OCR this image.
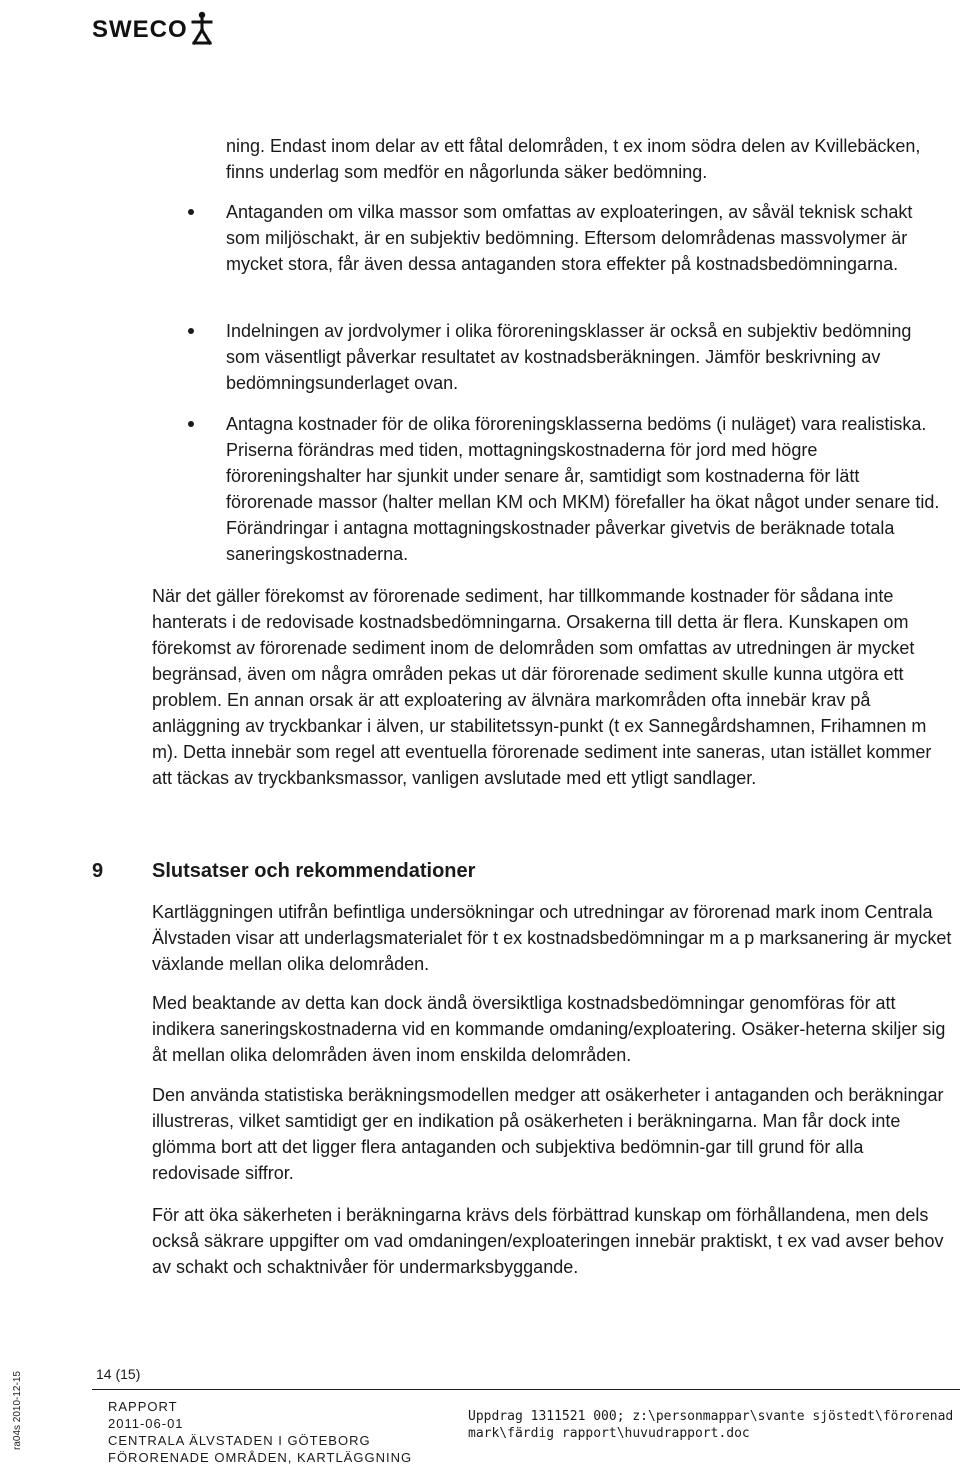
SWECO

ning. Endast inom delar av ett fåtal delområden, t ex inom södra delen av Kvillebäcken, finns underlag som medför en någorlunda säker bedömning.

Antaganden om vilka massor som omfattas av exploateringen, av såväl teknisk schakt som miljöschakt, är en subjektiv bedömning. Eftersom delområdenas massvolymer är mycket stora, får även dessa antaganden stora effekter på kostnadsbedömningarna.

Indelningen av jordvolymer i olika föroreningsklasser är också en subjektiv bedömning som väsentligt påverkar resultatet av kostnadsberäkningen. Jämför beskrivning av bedömningsunderlaget ovan.

Antagna kostnader för de olika föroreningsklasserna bedöms (i nuläget) vara realistiska. Priserna förändras med tiden, mottagningskostnaderna för jord med högre föroreningshalter har sjunkit under senare år, samtidigt som kostnaderna för lätt förorenade massor (halter mellan KM och MKM) förefaller ha ökat något under senare tid. Förändringar i antagna mottagningskostnader påverkar givetvis de beräknade totala saneringskostnaderna.

När det gäller förekomst av förorenade sediment, har tillkommande kostnader för sådana inte hanterats i de redovisade kostnadsbedömningarna. Orsakerna till detta är flera. Kunskapen om förekomst av förorenade sediment inom de delområden som omfattas av utredningen är mycket begränsad, även om några områden pekas ut där förorenade sediment skulle kunna utgöra ett problem. En annan orsak är att exploatering av älvnära markområden ofta innebär krav på anläggning av tryckbankar i älven, ur stabilitetssyn-punkt (t ex Sannegårdshamnen, Frihamnen m m). Detta innebär som regel att eventuella förorenade sediment inte saneras, utan istället kommer att täckas av tryckbanksmassor, vanligen avslutade med ett ytligt sandlager.

9 Slutsatser och rekommendationer

Kartläggningen utifrån befintliga undersökningar och utredningar av förorenad mark inom Centrala Älvstaden visar att underlagsmaterialet för t ex kostnadsbedömningar m a p marksanering är mycket växlande mellan olika delområden.

Med beaktande av detta kan dock ändå översiktliga kostnadsbedömningar genomföras för att indikera saneringskostnaderna vid en kommande omdaning/exploatering. Osäker-heterna skiljer sig åt mellan olika delområden även inom enskilda delområden.

Den använda statistiska beräkningsmodellen medger att osäkerheter i antaganden och beräkningar illustreras, vilket samtidigt ger en indikation på osäkerheten i beräkningarna. Man får dock inte glömma bort att det ligger flera antaganden och subjektiva bedömnin-gar till grund för alla redovisade siffror.

För att öka säkerheten i beräkningarna krävs dels förbättrad kunskap om förhållandena, men dels också säkrare uppgifter om vad omdaningen/exploateringen innebär praktiskt, t ex vad avser behov av schakt och schaktnivåer för undermarksbyggande.

ra04s 2010-12-15	14 (15)
RAPPORT
2011-06-01
CENTRALA ÄLVSTADEN I GÖTEBORG
FÖRORENADE OMRÅDEN, KARTLÄGGNING
Uppdrag 1311521 000; z:\personmappar\svante sjöstedt\förorenad
mark\färdig rapport\huvudrapport.doc
